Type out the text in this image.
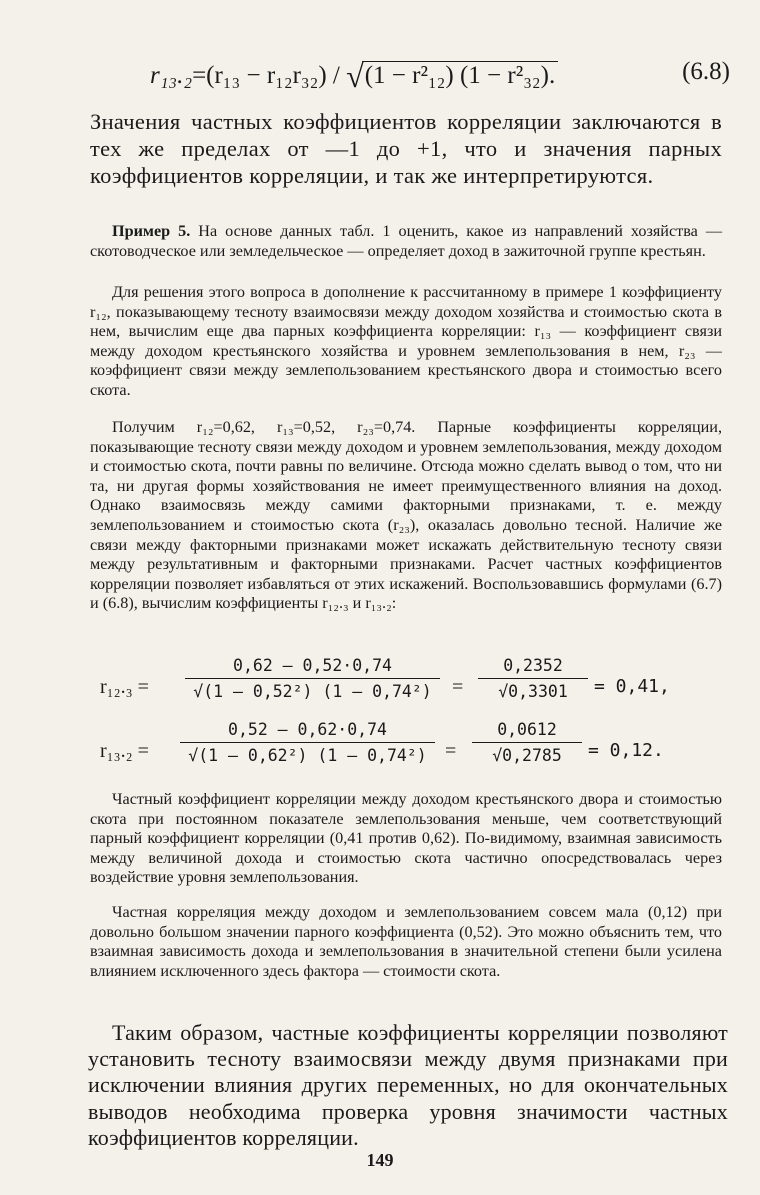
r₁₃.₂=(r₁₃ − r₁₂r₃₂) / √(1 − r²₁₂) (1 − r²₃₂).	(6.8)
Значения частных коэффициентов корреляции заключаются в тех же пределах от —1 до +1, что и значения парных коэффициентов корреляции, и так же интерпретируются.
Пример 5. На основе данных табл. 1 оценить, какое из направлений хозяйства — скотоводческое или земледельческое — определяет доход в зажиточной группе крестьян.
Для решения этого вопроса в дополнение к рассчитанному в примере 1 коэффициенту r₁₂, показывающему тесноту взаимосвязи между доходом хозяйства и стоимостью скота в нем, вычислим еще два парных коэффициента корреляции: r₁₃ — коэффициент связи между доходом крестьянского хозяйства и уровнем землепользования в нем, r₂₃ — коэффициент связи между землепользованием крестьянского двора и стоимостью всего скота.
Получим r₁₂=0,62, r₁₃=0,52, r₂₃=0,74. Парные коэффициенты корреляции, показывающие тесноту связи между доходом и уровнем землепользования, между доходом и стоимостью скота, почти равны по величине. Отсюда можно сделать вывод о том, что ни та, ни другая формы хозяйствования не имеет преимущественного влияния на доход. Однако взаимосвязь между самими факторными признаками, т. е. между землепользованием и стоимостью скота (r₂₃), оказалась довольно тесной. Наличие же связи между факторными признаками может искажать действительную тесноту связи между результативным и факторными признаками. Расчет частных коэффициентов корреляции позволяет избавляться от этих искажений. Воспользовавшись формулами (6.7) и (6.8), вычислим коэффициенты r₁₂.₃ и r₁₃.₂:
$r_{12}._3 = \frac{0,62 — 0,52\cdot 0,74}{\text{√(1 — 0,52²) (1 — 0,74²)}} = \frac{0,2352}{√0,3301} = 0,41$,
$r_{13}._2 = \frac{0,52 — 0,62\cdot 0,74}{\text{√(1 — 0,62²) (1 — 0,74²)}} = \frac{0,0612}{√0,2785} = 0,12$.
Частный коэффициент корреляции между доходом крестьянского двора и стоимостью скота при постоянном показателе землепользования меньше, чем соответствующий парный коэффициент корреляции (0,41 против 0,62). По-видимому, взаимная зависимость между величиной дохода и стоимостью скота частично опосредствовалась через воздействие уровня землепользования.
Частная корреляция между доходом и землепользованием совсем мала (0,12) при довольно большом значении парного коэффициента (0,52). Это можно объяснить тем, что взаимная зависимость дохода и землепользования в значительной степени были усилена влиянием исключенного здесь фактора — стоимости скота.
Таким образом, частные коэффициенты корреляции позволяют установить тесноту взаимосвязи между двумя признаками при исключении влияния других переменных, но для окончательных выводов необходима проверка уровня значимости частных коэффициентов корреляции.
149
